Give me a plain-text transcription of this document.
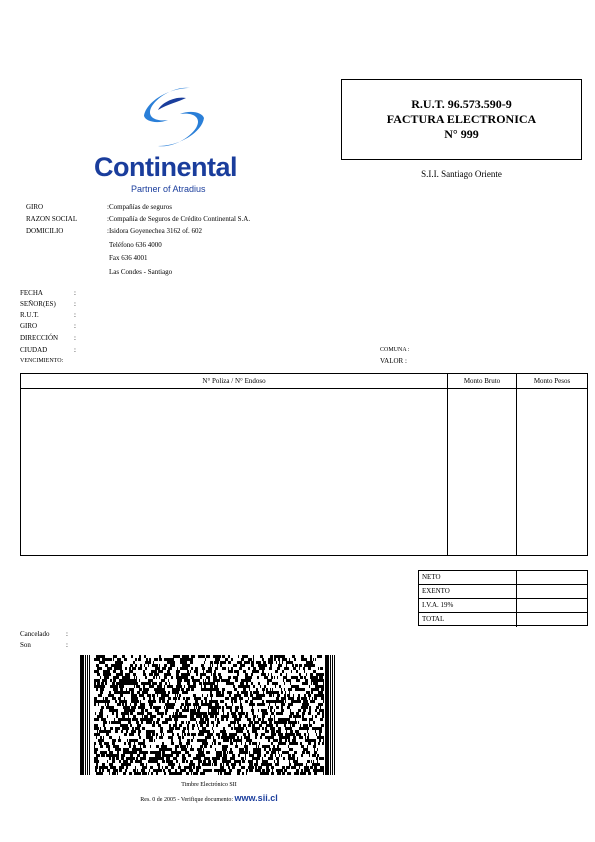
R.U.T. 96.573.590-9
FACTURA ELECTRONICA
N° 999
S.I.I. Santiago Oriente
Continental
Partner of Atradius
GIRO	:Compañías de seguros
RAZON SOCIAL	:Compañía de Seguros de Crédito Continental S.A.
DOMICILIO	:Isidora Goyenechea 3162 of. 602
Teléfono 636 4000
Fax 636 4001
Las Condes - Santiago
FECHA	:
SEÑOR(ES)	:
R.U.T.	:
GIRO	:
DIRECCIÓN :
CIUDAD	:
VENCIMIENTO:
COMUNA :
VALOR :
N° Poliza / N° Endoso	Monto Bruto	Monto Pesos
NETO
EXENTO
I.V.A. 19%
TOTAL
Cancelado :
Son	:
Timbre Electrónico SII
Res. 0 de 2005 - Verifique documento: www.sii.cl
